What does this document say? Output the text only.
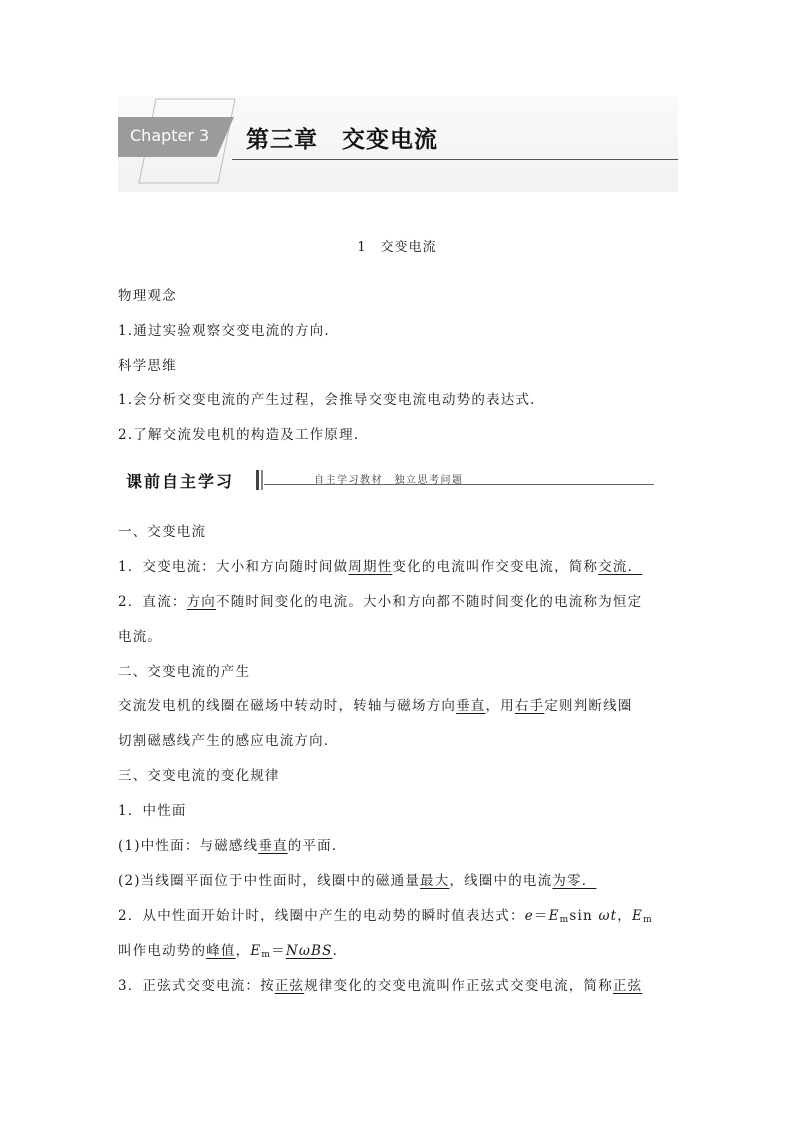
Chapter 3 第三章　交变电流
1　交变电流
物理观念
1.通过实验观察交变电流的方向.
科学思维
1.会分析交变电流的产生过程，会推导交变电流电动势的表达式.
2.了解交流发电机的构造及工作原理.
课前自主学习	自主学习教材　独立思考问题
一、交变电流
1．交变电流：大小和方向随时间做周期性变化的电流叫作交变电流，简称交流．
2．直流：方向不随时间变化的电流。大小和方向都不随时间变化的电流称为恒定
电流。
二、交变电流的产生
交流发电机的线圈在磁场中转动时，转轴与磁场方向垂直，用右手定则判断线圈
切割磁感线产生的感应电流方向．
三、交变电流的变化规律
1．中性面
(1)中性面：与磁感线垂直的平面．
(2)当线圈平面位于中性面时，线圈中的磁通量最大，线圈中的电流为零．
2．从中性面开始计时，线圈中产生的电动势的瞬时值表达式：$e=E_m\sin$ ωt，$E_m$
叫作电动势的峰值，$E_m=N\omega BS$.
3．正弦式交变电流：按正弦规律变化的交变电流叫作正弦式交变电流，简称正弦
